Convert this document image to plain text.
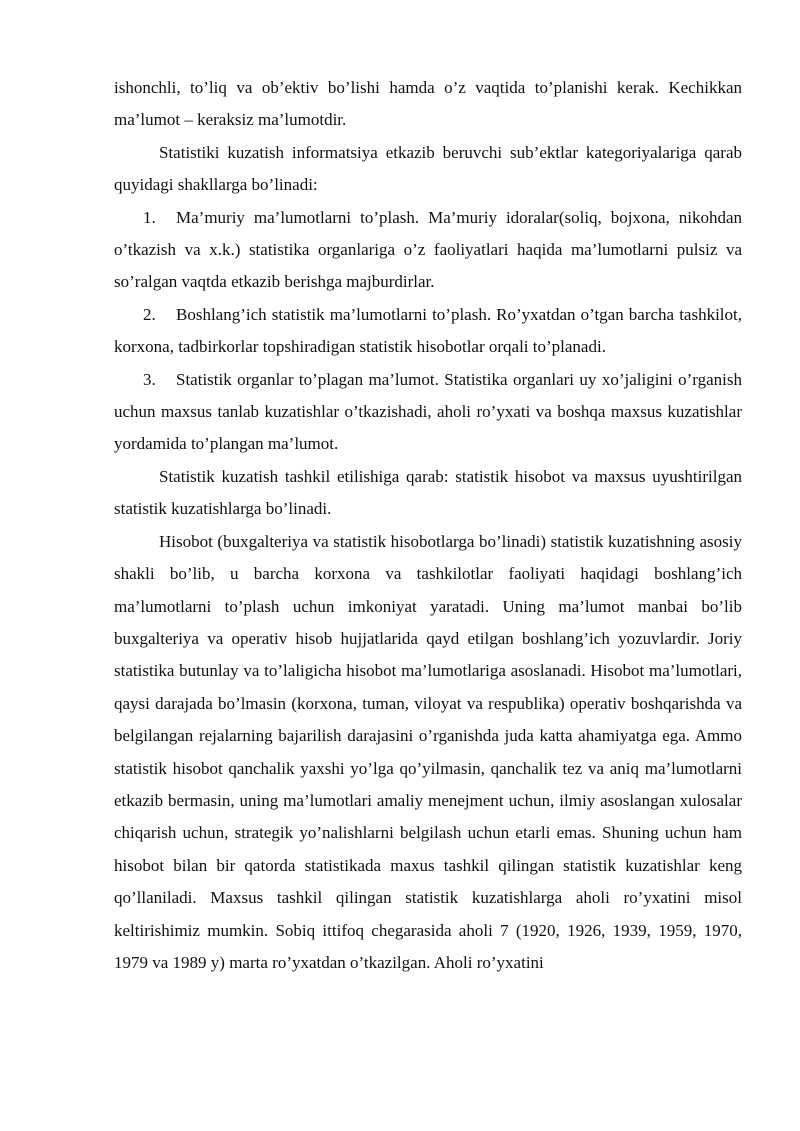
ishonchli, to’liq va ob’ektiv bo’lishi hamda o’z vaqtida to’planishi kerak. Kechikkan ma’lumot – keraksiz ma’lumotdir.

Statistiki kuzatish informatsiya etkazib beruvchi sub’ektlar kategoriyalariga qarab quyidagi shakllarga bo’linadi:

1. Ma’muriy ma’lumotlarni to’plash. Ma’muriy idoralar(soliq, bojxona, nikohdan o’tkazish va x.k.) statistika organlariga o’z faoliyatlari haqida ma’lumotlarni pulsiz va so’ralgan vaqtda etkazib berishga majburdirlar.

2. Boshlang’ich statistik ma’lumotlarni to’plash. Ro’yxatdan o’tgan barcha tashkilot, korxona, tadbirkorlar topshiradigan statistik hisobotlar orqali to’planadi.

3. Statistik organlar to’plagan ma’lumot. Statistika organlari uy xo’jaligini o’rganish uchun maxsus tanlab kuzatishlar o’tkazishadi, aholi ro’yxati va boshqa maxsus kuzatishlar yordamida to’plangan ma’lumot.

Statistik kuzatish tashkil etilishiga qarab: statistik hisobot va maxsus uyushtirilgan statistik kuzatishlarga bo’linadi.

Hisobot (buxgalteriya va statistik hisobotlarga bo’linadi) statistik kuzatishning asosiy shakli bo’lib, u barcha korxona va tashkilotlar faoliyati haqidagi boshlang’ich ma’lumotlarni to’plash uchun imkoniyat yaratadi. Uning ma’lumot manbai bo’lib buxgalteriya va operativ hisob hujjatlarida qayd etilgan boshlang’ich yozuvlardir. Joriy statistika butunlay va to’laligicha hisobot ma’lumotlariga asoslanadi. Hisobot ma’lumotlari, qaysi darajada bo’lmasin (korxona, tuman, viloyat va respublika) operativ boshqarishda va belgilangan rejalarning bajarilish darajasini o’rganishda juda katta ahamiyatga ega. Ammo statistik hisobot qanchalik yaxshi yo’lga qo’yilmasin, qanchalik tez va aniq ma’lumotlarni etkazib bermasin, uning ma’lumotlari amaliy menejment uchun, ilmiy asoslangan xulosalar chiqarish uchun, strategik yo’nalishlarni belgilash uchun etarli emas. Shuning uchun ham hisobot bilan bir qatorda statistikada maxus tashkil qilingan statistik kuzatishlar keng qo’llaniladi. Maxsus tashkil qilingan statistik kuzatishlarga aholi ro’yxatini misol keltirishimiz mumkin. Sobiq ittifoq chegarasida aholi 7 (1920, 1926, 1939, 1959, 1970, 1979 va 1989 y) marta ro’yxatdan o’tkazilgan. Aholi ro’yxatini
